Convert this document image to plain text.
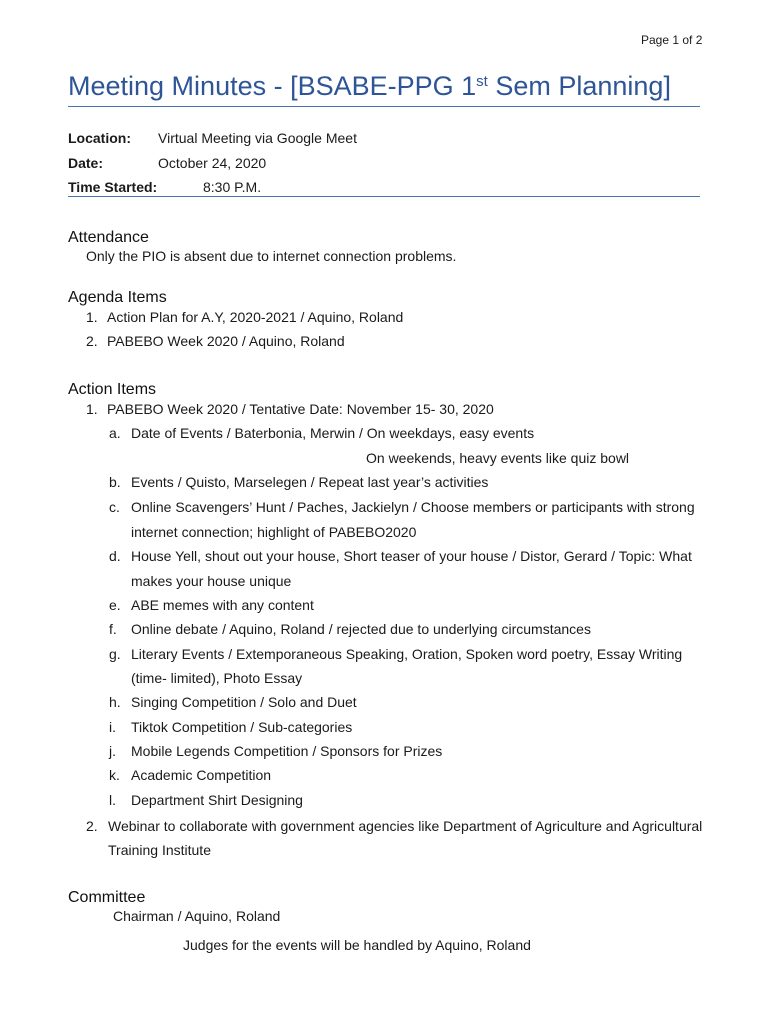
Page 1 of 2
Meeting Minutes - [BSABE-PPG 1st Sem Planning]
Location: Virtual Meeting via Google Meet
Date:	October 24, 2020
Time Started:	8:30 P.M.
Attendance
Only the PIO is absent due to internet connection problems.
Agenda Items
1. Action Plan for A.Y, 2020-2021 / Aquino, Roland
2. PABEBO Week 2020 / Aquino, Roland
Action Items
1. PABEBO Week 2020 / Tentative Date: November 15- 30, 2020
a. Date of Events / Baterbonia, Merwin / On weekdays, easy events
On weekends, heavy events like quiz bowl
b. Events / Quisto, Marselegen / Repeat last year’s activities
c. Online Scavengers’ Hunt / Paches, Jackielyn / Choose members or participants with strong
internet connection; highlight of PABEBO2020
d. House Yell, shout out your house, Short teaser of your house / Distor, Gerard / Topic: What
makes your house unique
e. ABE memes with any content
f. Online debate / Aquino, Roland / rejected due to underlying circumstances
g. Literary Events / Extemporaneous Speaking, Oration, Spoken word poetry, Essay Writing
(time- limited), Photo Essay
h. Singing Competition / Solo and Duet
i. Tiktok Competition / Sub-categories
j. Mobile Legends Competition / Sponsors for Prizes
k. Academic Competition
l. Department Shirt Designing
2. Webinar to collaborate with government agencies like Department of Agriculture and Agricultural
Training Institute
Committee
Chairman / Aquino, Roland
Judges for the events will be handled by Aquino, Roland
